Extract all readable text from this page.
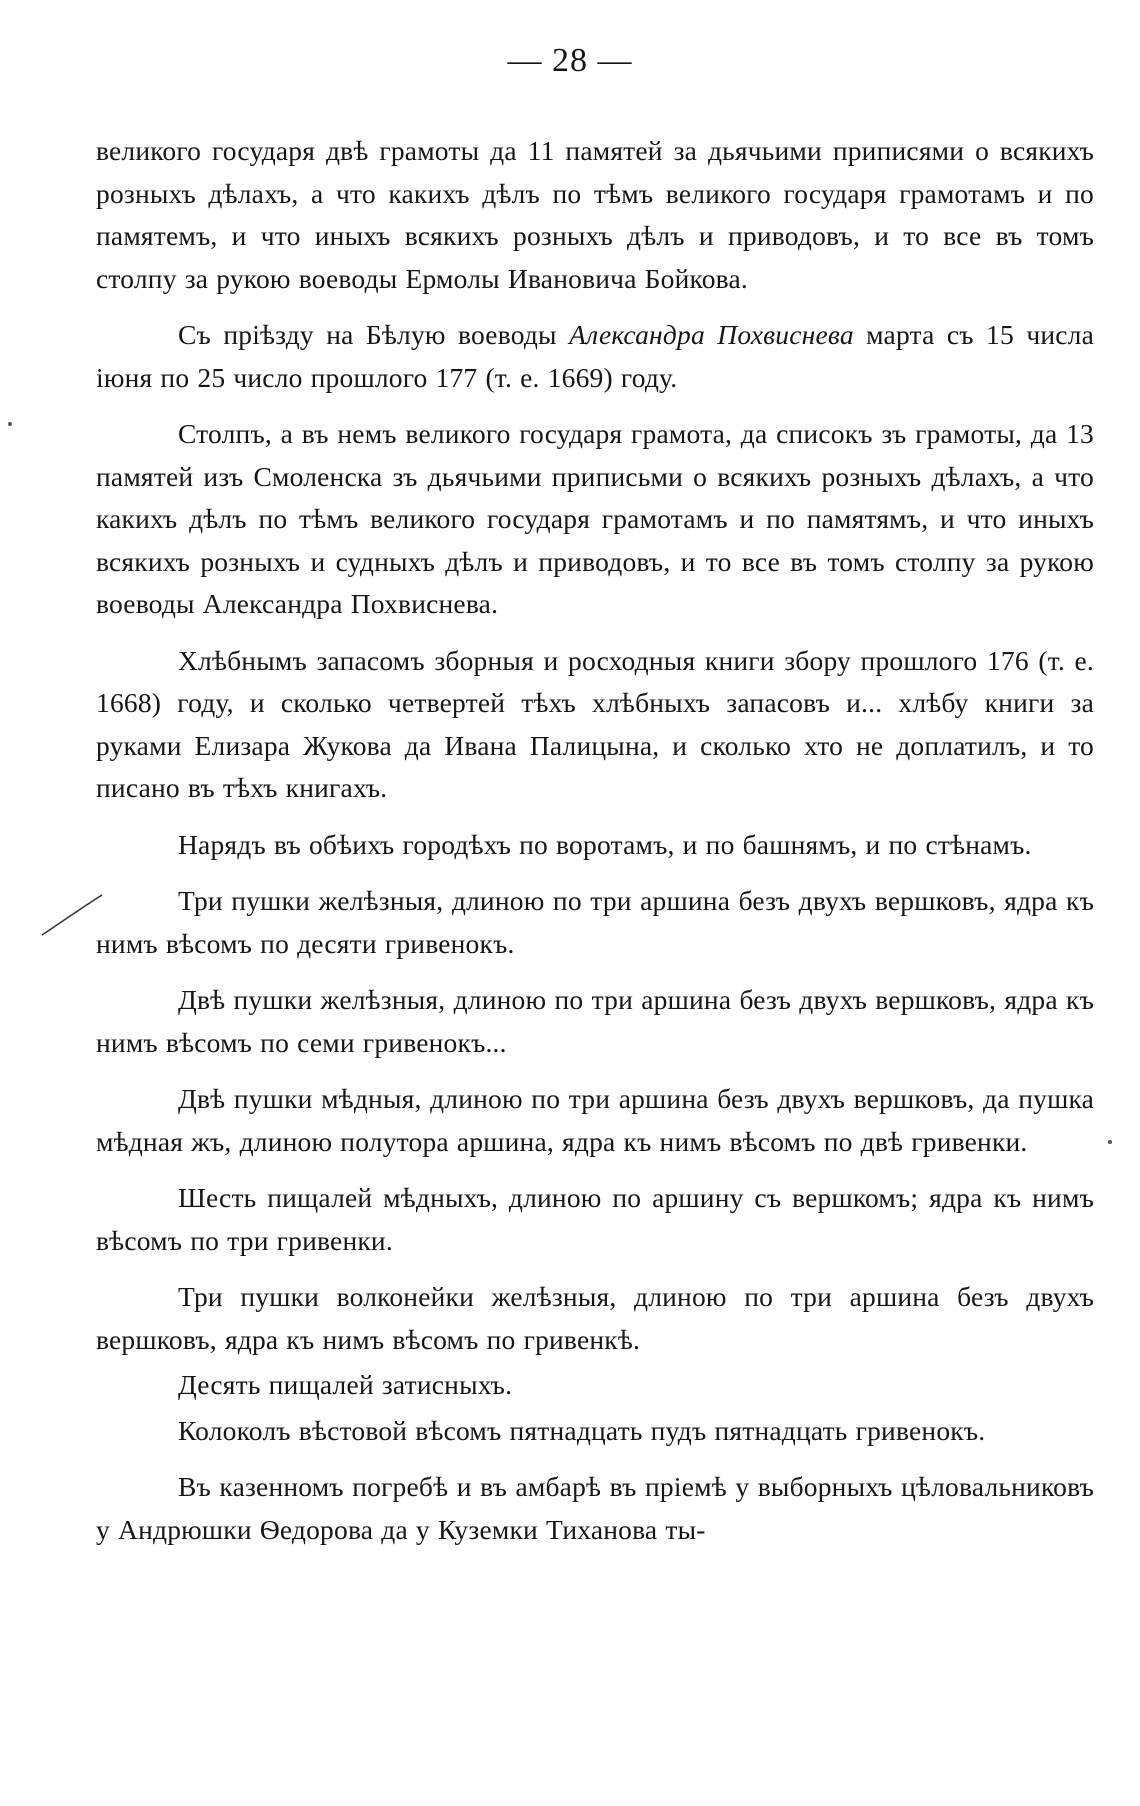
— 28 —

великого государя двѣ грамоты да 11 памятей за дьячьими приписями о всякихъ розныхъ дѣлахъ, а что какихъ дѣлъ по тѣмъ великого государя грамотамъ и по памятемъ, и что иныхъ всякихъ розныхъ дѣлъ и приводовъ, и то все въ томъ столпу за рукою воеводы Ермолы Ивановича Бойкова.

Съ пріѣзду на Бѣлую воеводы Александра Похвиснева марта съ 15 числа іюня по 25 число прошлого 177 (т. е. 1669) году.

Столпъ, а въ немъ великого государя грамота, да списокъ зъ грамоты, да 13 памятей изъ Смоленска зъ дьячьими приписьми о всякихъ розныхъ дѣлахъ, а что какихъ дѣлъ по тѣмъ великого государя грамотамъ и по памятямъ, и что иныхъ всякихъ розныхъ и судныхъ дѣлъ и приводовъ, и то все въ томъ столпу за рукою воеводы Александра Похвиснева.

Хлѣбнымъ запасомъ зборныя и росходныя книги збору прошлого 176 (т. е. 1668) году, и сколько четвертей тѣхъ хлѣбныхъ запасовъ и... хлѣбу книги за руками Елизара Жукова да Ивана Палицына, и сколько хто не доплатилъ, и то писано въ тѣхъ книгахъ.

Нарядъ въ обѣихъ городѣхъ по воротамъ, и по башнямъ, и по стѣнамъ.

Три пушки желѣзныя, длиною по три аршина безъ двухъ вершковъ, ядра къ нимъ вѣсомъ по десяти гривенокъ.

Двѣ пушки желѣзныя, длиною по три аршина безъ двухъ вершковъ, ядра къ нимъ вѣсомъ по семи гривенокъ...

Двѣ пушки мѣдныя, длиною по три аршина безъ двухъ вершковъ, да пушка мѣдная жъ, длиною полутора аршина, ядра къ нимъ вѣсомъ по двѣ гривенки.

Шесть пищалей мѣдныхъ, длиною по аршину съ вершкомъ; ядра къ нимъ вѣсомъ по три гривенки.

Три пушки волконейки желѣзныя, длиною по три аршина безъ двухъ вершковъ, ядра къ нимъ вѣсомъ по гривенкѣ.

Десять пищалей затисныхъ.

Колоколъ вѣстовой вѣсомъ пятнадцать пудъ пятнадцать гривенокъ.

Въ казенномъ погребѣ и въ амбарѣ въ пріемѣ у выборныхъ цѣловальниковъ у Андрюшки Ѳедорова да у Куземки Тиханова ты-
